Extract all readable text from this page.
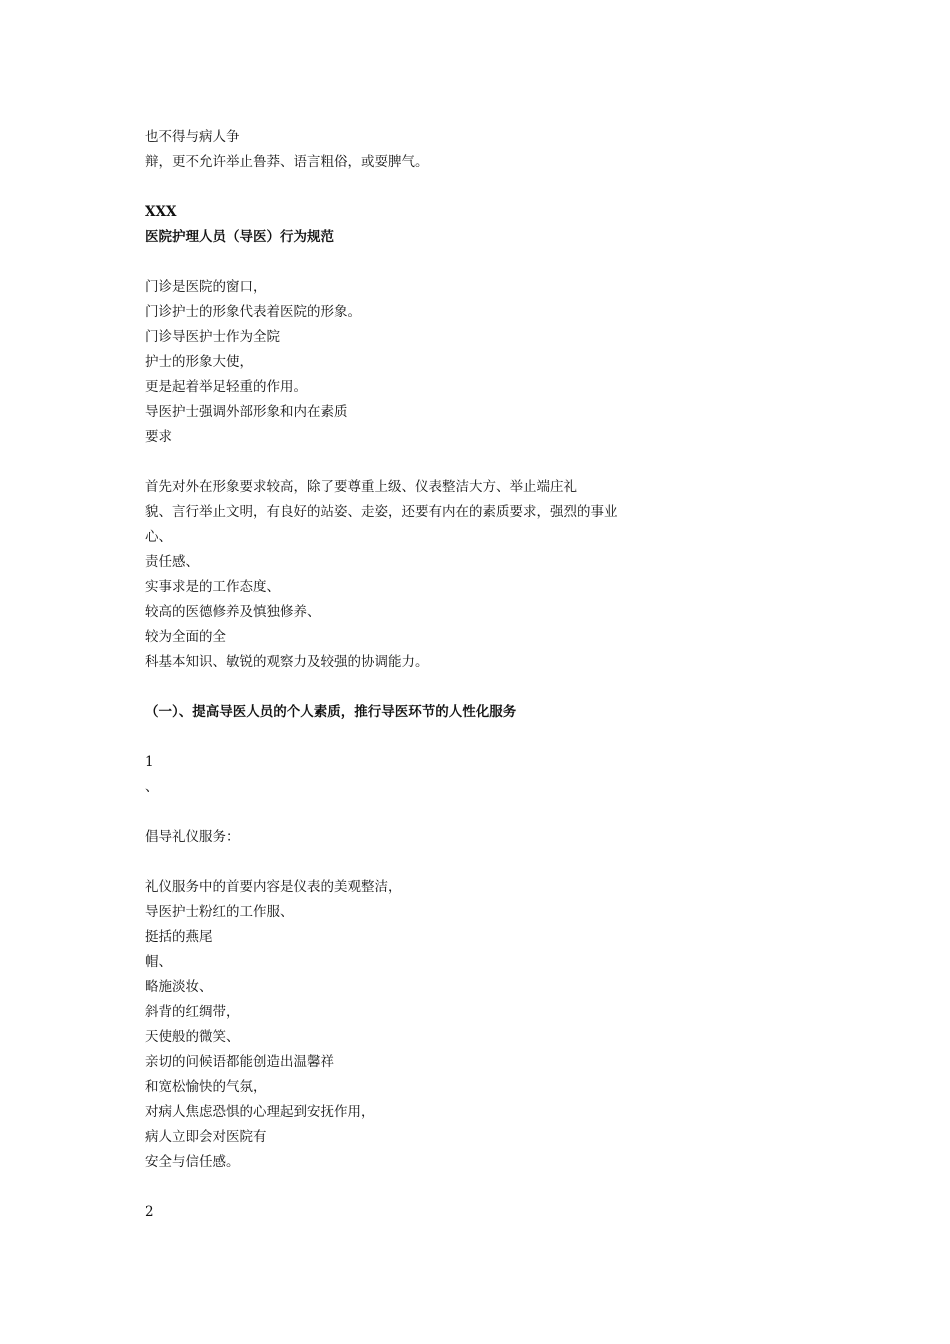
也不得与病人争
辩，更不允许举止鲁莽、语言粗俗，或耍脾气。
XXX
医院护理人员（导医）行为规范
门诊是医院的窗口，
门诊护士的形象代表着医院的形象。
门诊导医护士作为全院
护士的形象大使，
更是起着举足轻重的作用。
导医护士强调外部形象和内在素质
要求
首先对外在形象要求较高，除了要尊重上级、仪表整洁大方、举止端庄礼
貌、言行举止文明，有良好的站姿、走姿，还要有内在的素质要求，强烈的事业
心、
责任感、
实事求是的工作态度、
较高的医德修养及慎独修养、
较为全面的全
科基本知识、敏锐的观察力及较强的协调能力。
（一）、提高导医人员的个人素质，推行导医环节的人性化服务
1
、
倡导礼仪服务：
礼仪服务中的首要内容是仪表的美观整洁，
导医护士粉红的工作服、
挺括的燕尾
帽、
略施淡妆、
斜背的红绸带，
天使般的微笑、
亲切的问候语都能创造出温馨祥
和宽松愉快的气氛，
对病人焦虑恐惧的心理起到安抚作用，
病人立即会对医院有
安全与信任感。
2
